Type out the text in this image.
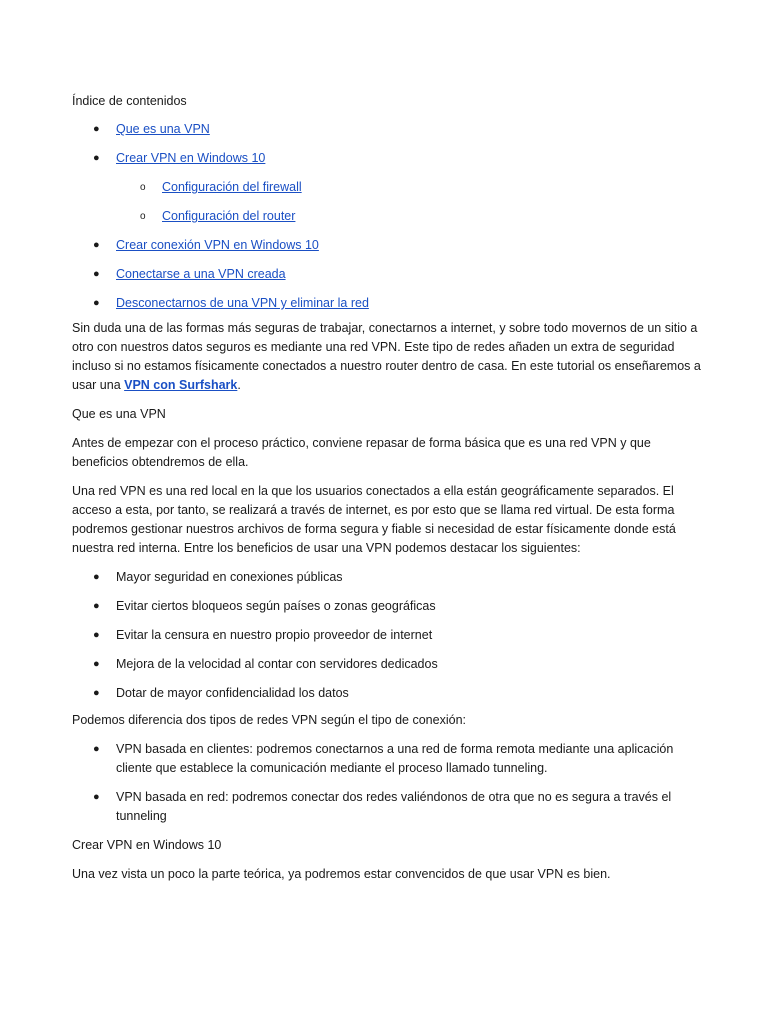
Índice de contenidos

● Que es una VPN
● Crear VPN en Windows 10
o Configuración del firewall
o Configuración del router
● Crear conexión VPN en Windows 10
● Conectarse a una VPN creada
● Desconectarnos de una VPN y eliminar la red

Sin duda una de las formas más seguras de trabajar, conectarnos a internet, y sobre todo movernos de un sitio a otro con nuestros datos seguros es mediante una red VPN. Este tipo de redes añaden un extra de seguridad incluso si no estamos físicamente conectados a nuestro router dentro de casa. En este tutorial os enseñaremos a usar una VPN con Surfshark.

Que es una VPN

Antes de empezar con el proceso práctico, conviene repasar de forma básica que es una red VPN y que beneficios obtendremos de ella.

Una red VPN es una red local en la que los usuarios conectados a ella están geográficamente separados. El acceso a esta, por tanto, se realizará a través de internet, es por esto que se llama red virtual. De esta forma podremos gestionar nuestros archivos de forma segura y fiable si necesidad de estar físicamente donde está nuestra red interna. Entre los beneficios de usar una VPN podemos destacar los siguientes:

● Mayor seguridad en conexiones públicas
● Evitar ciertos bloqueos según países o zonas geográficas
● Evitar la censura en nuestro propio proveedor de internet
● Mejora de la velocidad al contar con servidores dedicados
● Dotar de mayor confidencialidad los datos

Podemos diferencia dos tipos de redes VPN según el tipo de conexión:

● VPN basada en clientes: podremos conectarnos a una red de forma remota mediante una aplicación cliente que establece la comunicación mediante el proceso llamado tunneling.
● VPN basada en red: podremos conectar dos redes valiéndonos de otra que no es segura a través el tunneling

Crear VPN en Windows 10

Una vez vista un poco la parte teórica, ya podremos estar convencidos de que usar VPN es bien.
